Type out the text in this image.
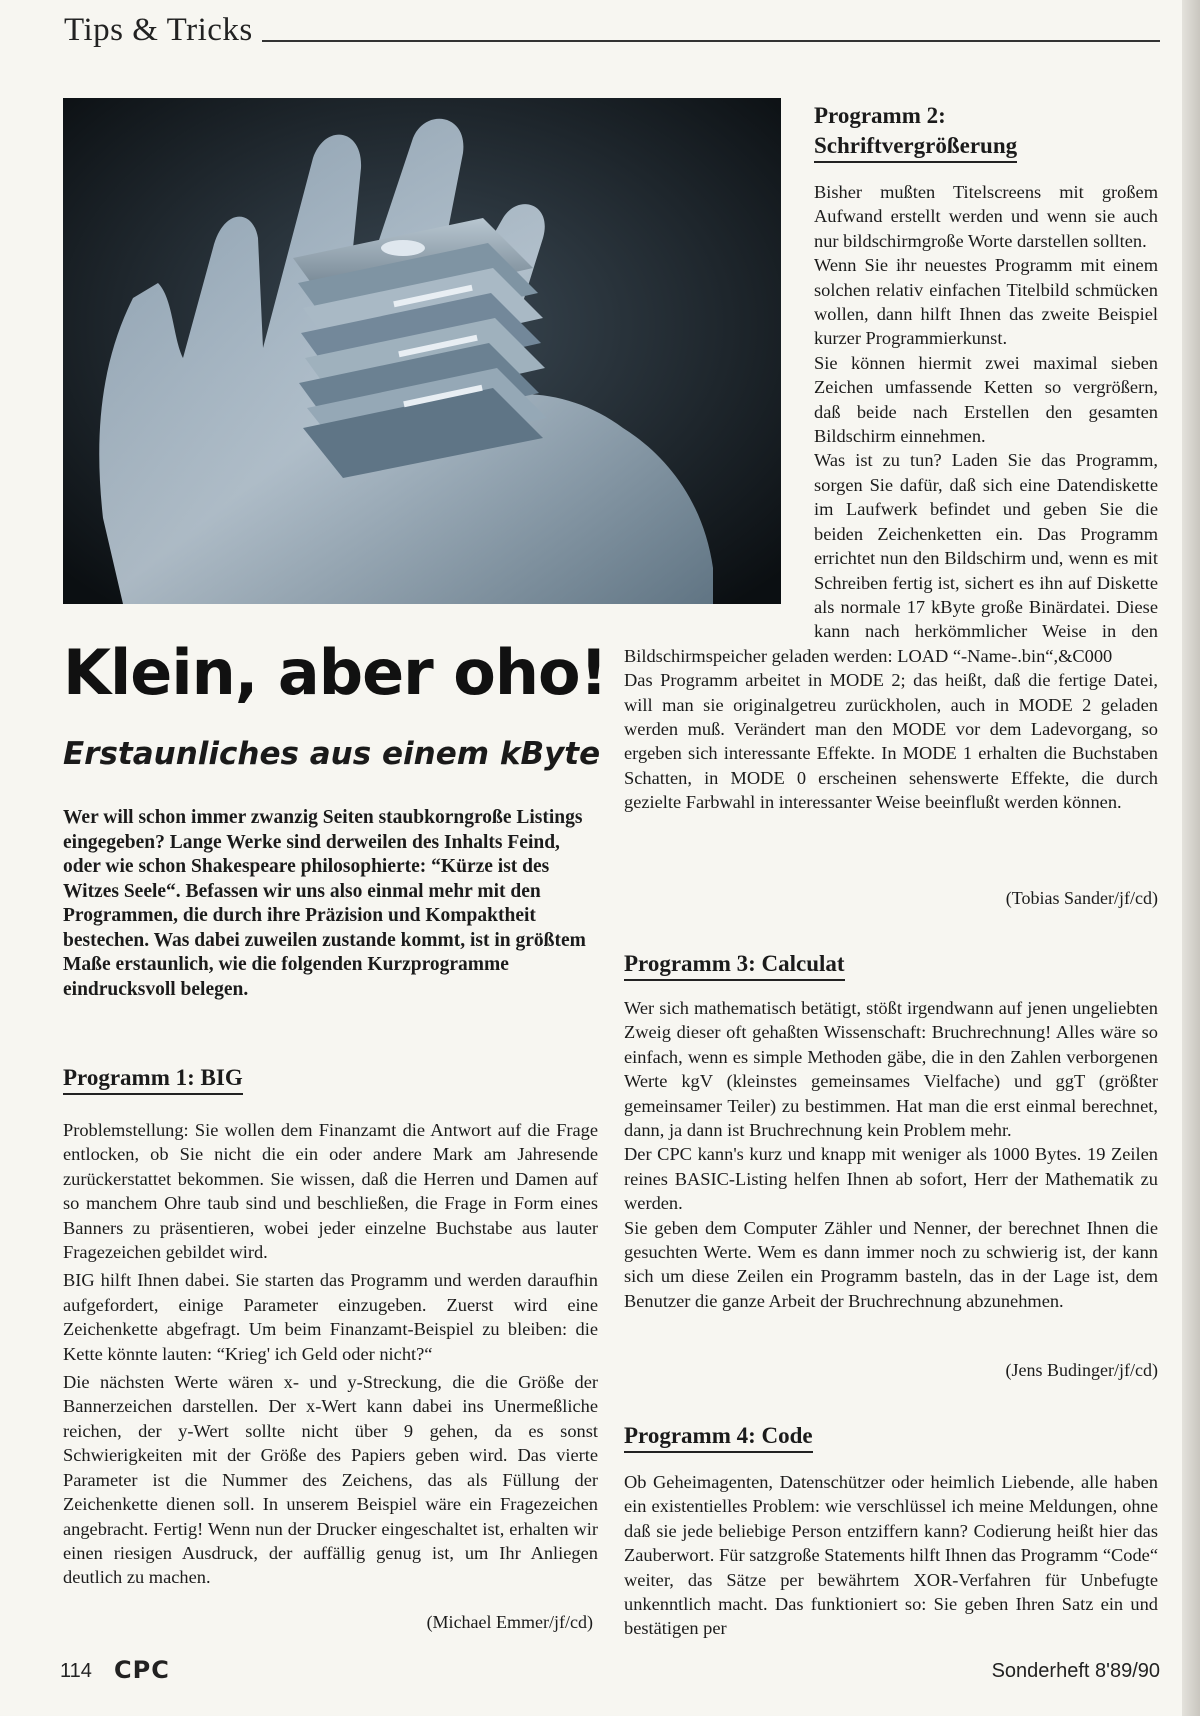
Tips & Tricks
Klein, aber oho!
Erstaunliches aus einem kByte

Wer will schon immer zwanzig Seiten staubkorngroße Listings eingegeben? Lange Werke sind derweilen des Inhalts Feind, oder wie schon Shakespeare philosophierte: “Kürze ist des Witzes Seele“. Befassen wir uns also einmal mehr mit den Programmen, die durch ihre Präzision und Kompaktheit bestechen. Was dabei zuweilen zustande kommt, ist in größtem Maße erstaunlich, wie die folgenden Kurzprogramme eindrucksvoll belegen.

Programm 1: BIG

Problemstellung: Sie wollen dem Finanzamt die Antwort auf die Frage entlocken, ob Sie nicht die ein oder andere Mark am Jahresende zurückerstattet bekommen. Sie wissen, daß die Herren und Damen auf so manchem Ohre taub sind und beschließen, die Frage in Form eines Banners zu präsentieren, wobei jeder einzelne Buchstabe aus lauter Fragezeichen gebildet wird.

BIG hilft Ihnen dabei. Sie starten das Programm und werden daraufhin aufgefordert, einige Parameter einzugeben. Zuerst wird eine Zeichenkette abgefragt. Um beim Finanzamt-Beispiel zu bleiben: die Kette könnte lauten: “Krieg' ich Geld oder nicht?“

Die nächsten Werte wären x- und y-Streckung, die die Größe der Bannerzeichen darstellen. Der x-Wert kann dabei ins Unermeßliche reichen, der y-Wert sollte nicht über 9 gehen, da es sonst Schwierigkeiten mit der Größe des Papiers geben wird. Das vierte Parameter ist die Nummer des Zeichens, das als Füllung der Zeichenkette dienen soll. In unserem Beispiel wäre ein Fragezeichen angebracht. Fertig! Wenn nun der Drucker eingeschaltet ist, erhalten wir einen riesigen Ausdruck, der auffällig genug ist, um Ihr Anliegen deutlich zu machen.

(Michael Emmer/jf/cd)
Programm 2:
Schriftvergrößerung

Bisher mußten Titelscreens mit großem Aufwand erstellt werden und wenn sie auch nur bildschirmgroße Worte darstellen sollten.

Wenn Sie ihr neuestes Programm mit einem solchen relativ einfachen Titelbild schmücken wollen, dann hilft Ihnen das zweite Beispiel kurzer Programmierkunst.

Sie können hiermit zwei maximal sieben Zeichen umfassende Ketten so vergrößern, daß beide nach Erstellen den gesamten Bildschirm einnehmen.

Was ist zu tun? Laden Sie das Programm, sorgen Sie dafür, daß sich eine Datendiskette im Laufwerk befindet und geben Sie die beiden Zeichenketten ein. Das Programm errichtet nun den Bildschirm und, wenn es mit Schreiben fertig ist, sichert es ihn auf Diskette als normale 17 kByte große Binärdatei. Diese kann nach herkömmlicher Weise in den Bildschirmspeicher geladen werden: LOAD “-Name-.bin“,&C000

Das Programm arbeitet in MODE 2; das heißt, daß die fertige Datei, will man sie originalgetreu zurückholen, auch in MODE 2 geladen werden muß. Verändert man den MODE vor dem Ladevorgang, so ergeben sich interessante Effekte. In MODE 1 erhalten die Buchstaben Schatten, in MODE 0 erscheinen sehenswerte Effekte, die durch gezielte Farbwahl in interessanter Weise beeinflußt werden können.

(Tobias Sander/jf/cd)
Programm 3: Calculat

Wer sich mathematisch betätigt, stößt irgendwann auf jenen ungeliebten Zweig dieser oft gehaßten Wissenschaft: Bruchrechnung! Alles wäre so einfach, wenn es simple Methoden gäbe, die in den Zahlen verborgenen Werte kgV (kleinstes gemeinsames Vielfache) und ggT (größter gemeinsamer Teiler) zu bestimmen. Hat man die erst einmal berechnet, dann, ja dann ist Bruchrechnung kein Problem mehr.

Der CPC kann's kurz und knapp mit weniger als 1000 Bytes. 19 Zeilen reines BASIC-Listing helfen Ihnen ab sofort, Herr der Mathematik zu werden.

Sie geben dem Computer Zähler und Nenner, der berechnet Ihnen die gesuchten Werte. Wem es dann immer noch zu schwierig ist, der kann sich um diese Zeilen ein Programm basteln, das in der Lage ist, dem Benutzer die ganze Arbeit der Bruchrechnung abzunehmen.

(Jens Budinger/jf/cd)
Programm 4: Code

Ob Geheimagenten, Datenschützer oder heimlich Liebende, alle haben ein existentielles Problem: wie verschlüssel ich meine Meldungen, ohne daß sie jede beliebige Person entziffern kann? Codierung heißt hier das Zauberwort. Für satzgroße Statements hilft Ihnen das Programm “Code“ weiter, das Sätze per bewährtem XOR-Verfahren für Unbefugte unkenntlich macht. Das funktioniert so: Sie geben Ihren Satz ein und bestätigen per

114 CPC	Sonderheft 8'89/90
